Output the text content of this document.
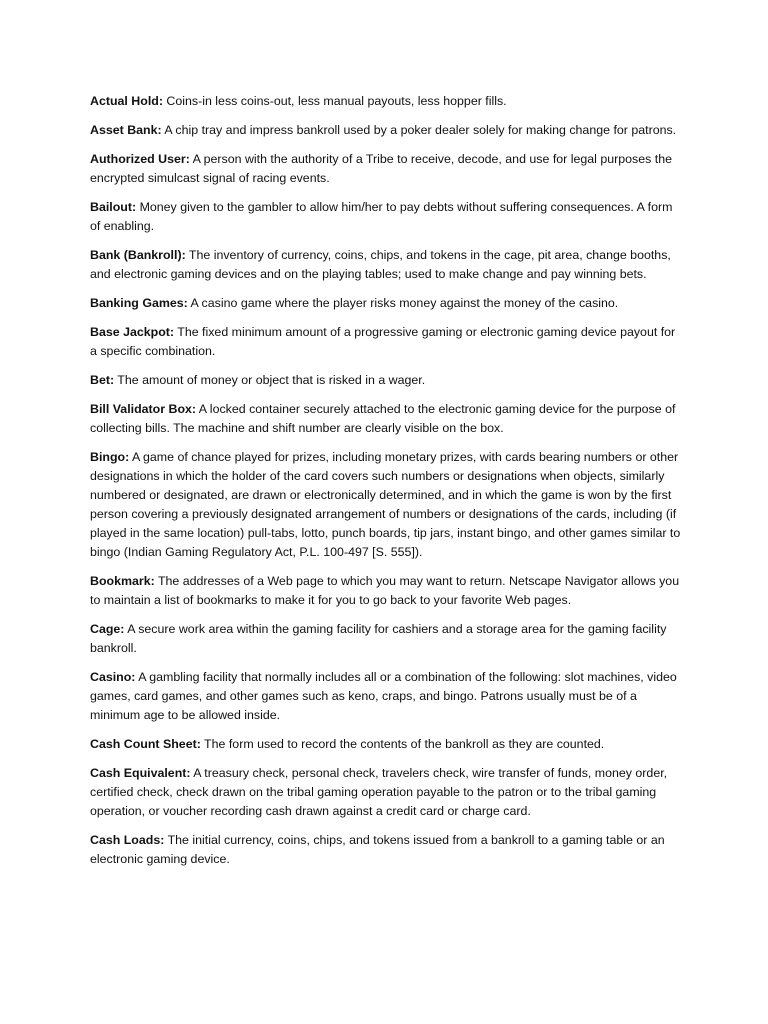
Actual Hold: Coins-in less coins-out, less manual payouts, less hopper fills.

Asset Bank: A chip tray and impress bankroll used by a poker dealer solely for making change for patrons.

Authorized User: A person with the authority of a Tribe to receive, decode, and use for legal purposes the encrypted simulcast signal of racing events.

Bailout: Money given to the gambler to allow him/her to pay debts without suffering consequences. A form of enabling.

Bank (Bankroll): The inventory of currency, coins, chips, and tokens in the cage, pit area, change booths, and electronic gaming devices and on the playing tables; used to make change and pay winning bets.

Banking Games: A casino game where the player risks money against the money of the casino.

Base Jackpot: The fixed minimum amount of a progressive gaming or electronic gaming device payout for a specific combination.

Bet: The amount of money or object that is risked in a wager.

Bill Validator Box: A locked container securely attached to the electronic gaming device for the purpose of collecting bills. The machine and shift number are clearly visible on the box.

Bingo: A game of chance played for prizes, including monetary prizes, with cards bearing numbers or other designations in which the holder of the card covers such numbers or designations when objects, similarly numbered or designated, are drawn or electronically determined, and in which the game is won by the first person covering a previously designated arrangement of numbers or designations of the cards, including (if played in the same location) pull-tabs, lotto, punch boards, tip jars, instant bingo, and other games similar to bingo (Indian Gaming Regulatory Act, P.L. 100-497 [S. 555]).

Bookmark: The addresses of a Web page to which you may want to return. Netscape Navigator allows you to maintain a list of bookmarks to make it for you to go back to your favorite Web pages.

Cage: A secure work area within the gaming facility for cashiers and a storage area for the gaming facility bankroll.

Casino: A gambling facility that normally includes all or a combination of the following: slot machines, video games, card games, and other games such as keno, craps, and bingo. Patrons usually must be of a minimum age to be allowed inside.

Cash Count Sheet: The form used to record the contents of the bankroll as they are counted.

Cash Equivalent: A treasury check, personal check, travelers check, wire transfer of funds, money order, certified check, check drawn on the tribal gaming operation payable to the patron or to the tribal gaming operation, or voucher recording cash drawn against a credit card or charge card.

Cash Loads: The initial currency, coins, chips, and tokens issued from a bankroll to a gaming table or an electronic gaming device.
